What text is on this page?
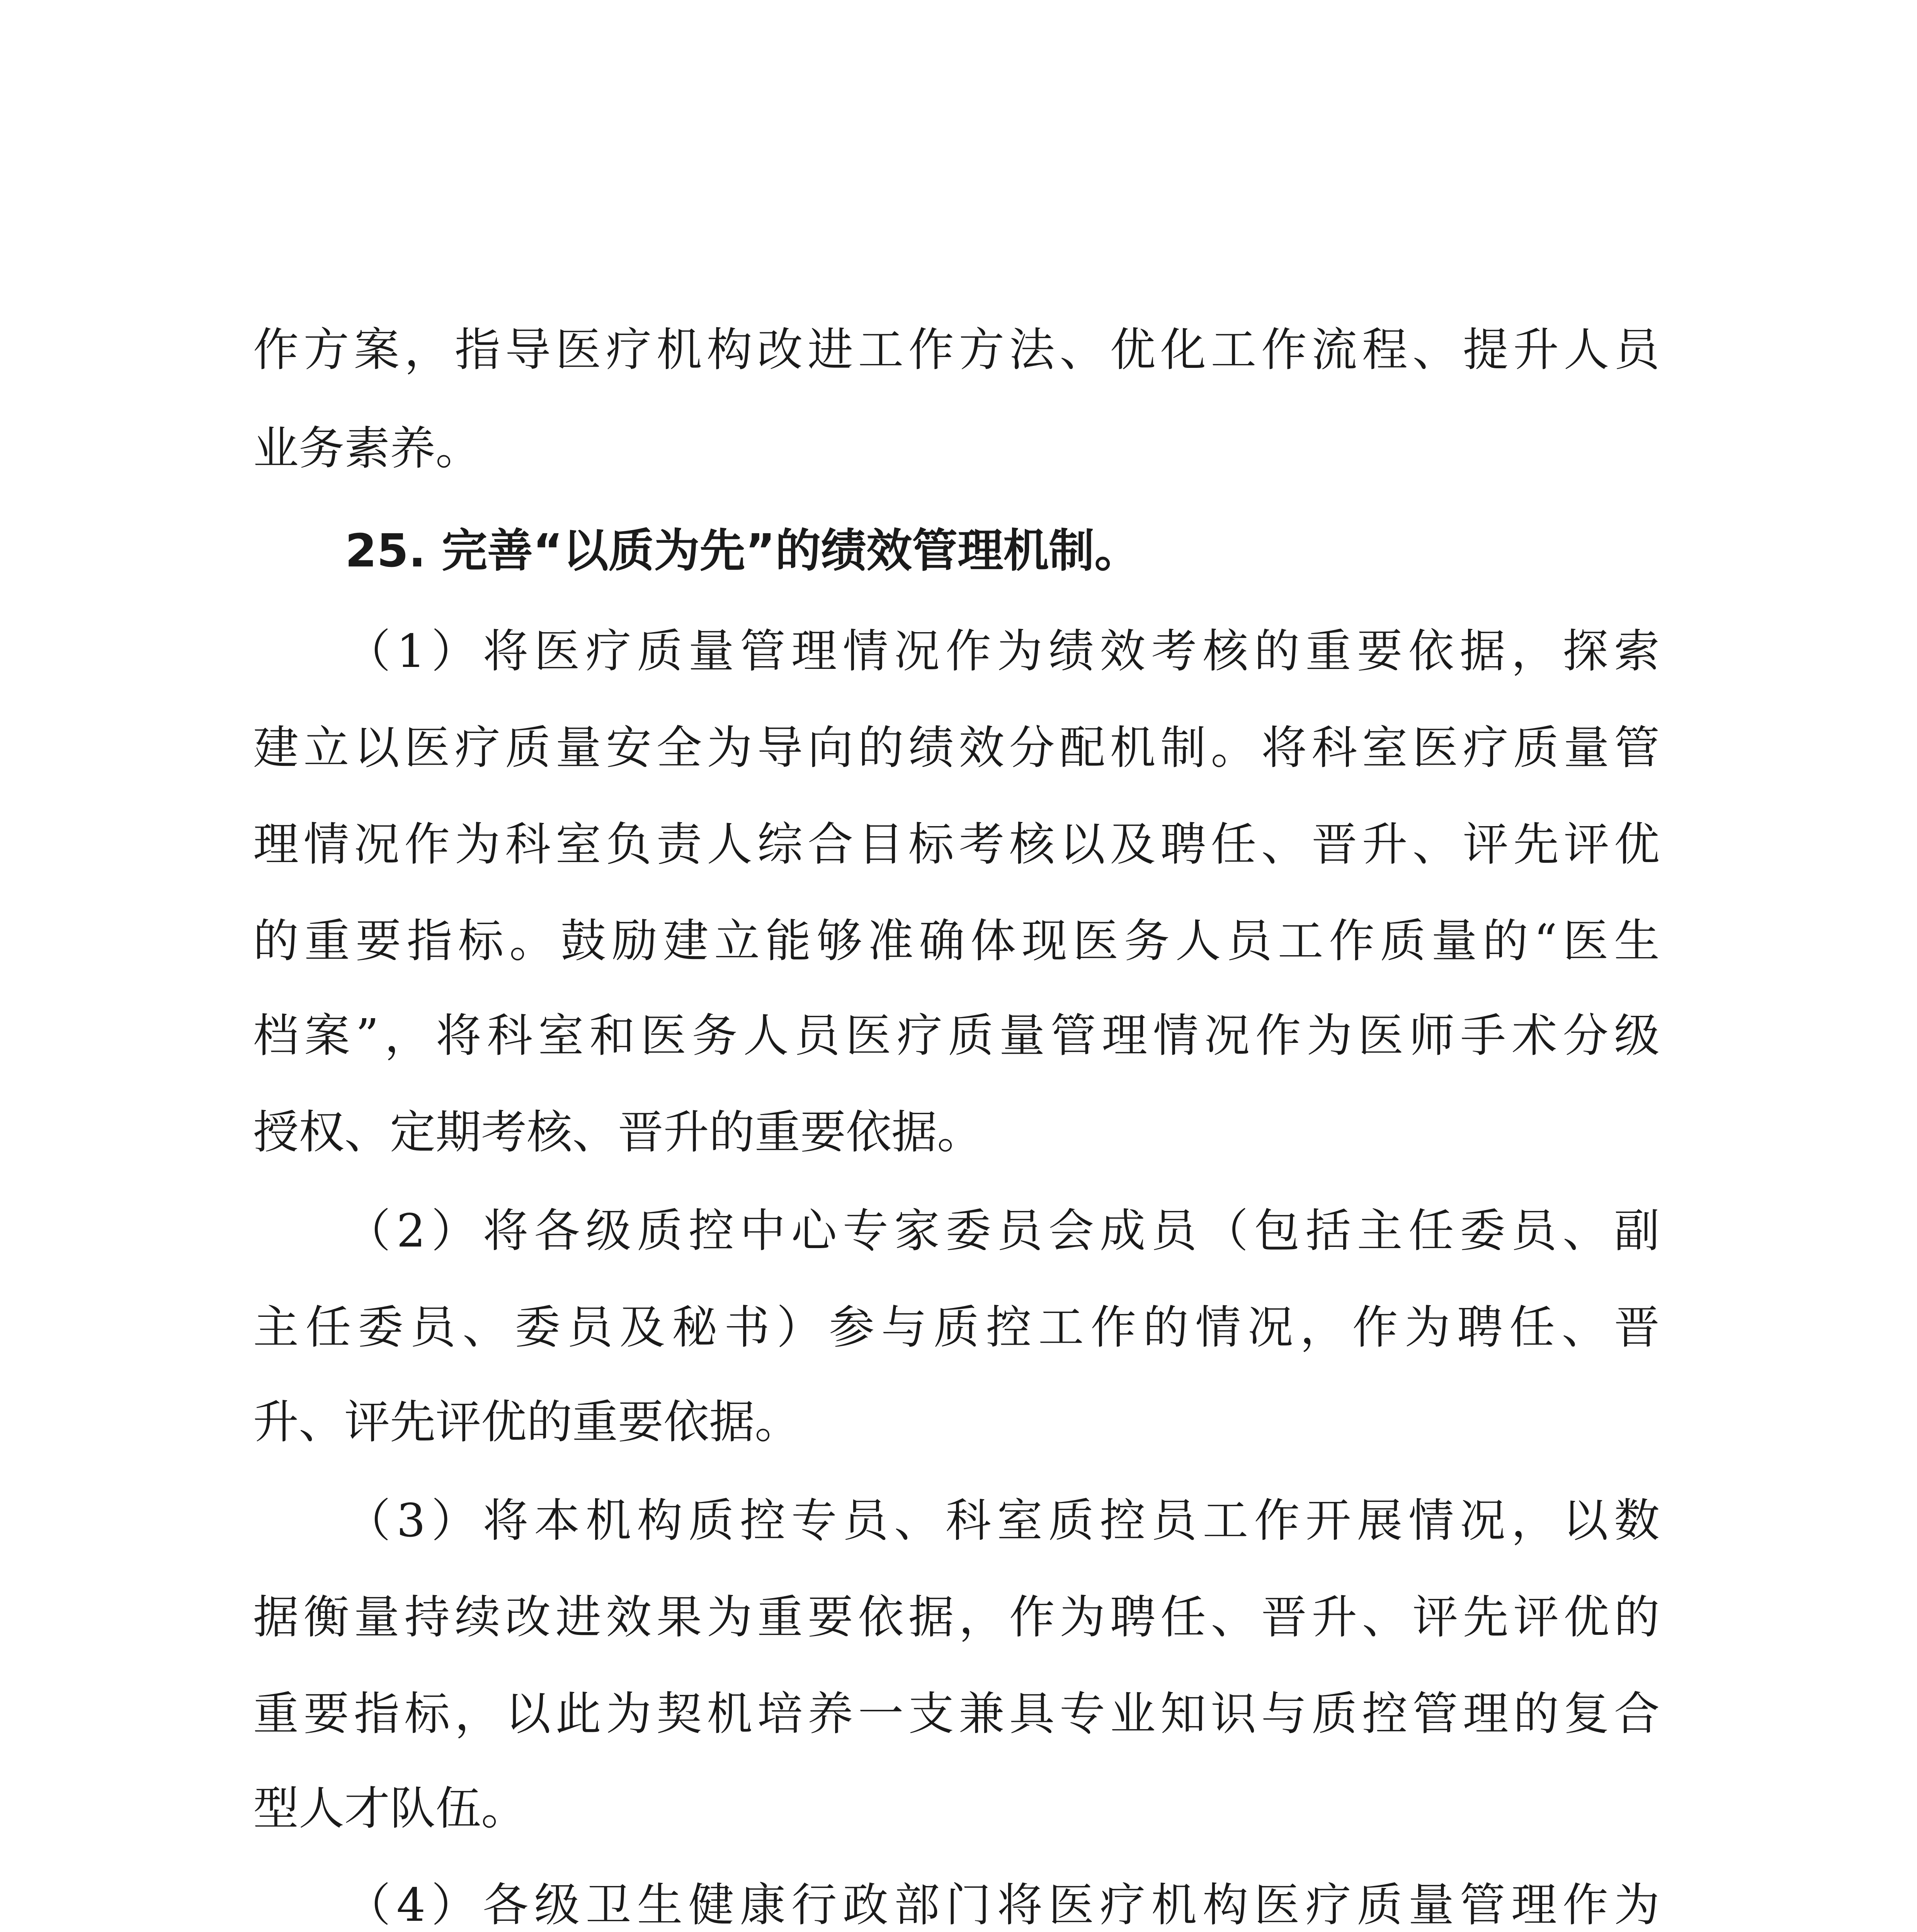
作方案，指导医疗机构改进工作方法、优化工作流程、提升人员
业务素养。
25. 完善“以质为先”的绩效管理机制。
（1）将医疗质量管理情况作为绩效考核的重要依据，探索
建立以医疗质量安全为导向的绩效分配机制。将科室医疗质量管
理情况作为科室负责人综合目标考核以及聘任、晋升、评先评优
的重要指标。鼓励建立能够准确体现医务人员工作质量的“医生
档案”，将科室和医务人员医疗质量管理情况作为医师手术分级
授权、定期考核、晋升的重要依据。
（2）将各级质控中心专家委员会成员（包括主任委员、副
主任委员、委员及秘书）参与质控工作的情况，作为聘任、晋
升、评先评优的重要依据。
（3）将本机构质控专员、科室质控员工作开展情况，以数
据衡量持续改进效果为重要依据，作为聘任、晋升、评先评优的
重要指标，以此为契机培养一支兼具专业知识与质控管理的复合
型人才队伍。
（4）各级卫生健康行政部门将医疗机构医疗质量管理作为
